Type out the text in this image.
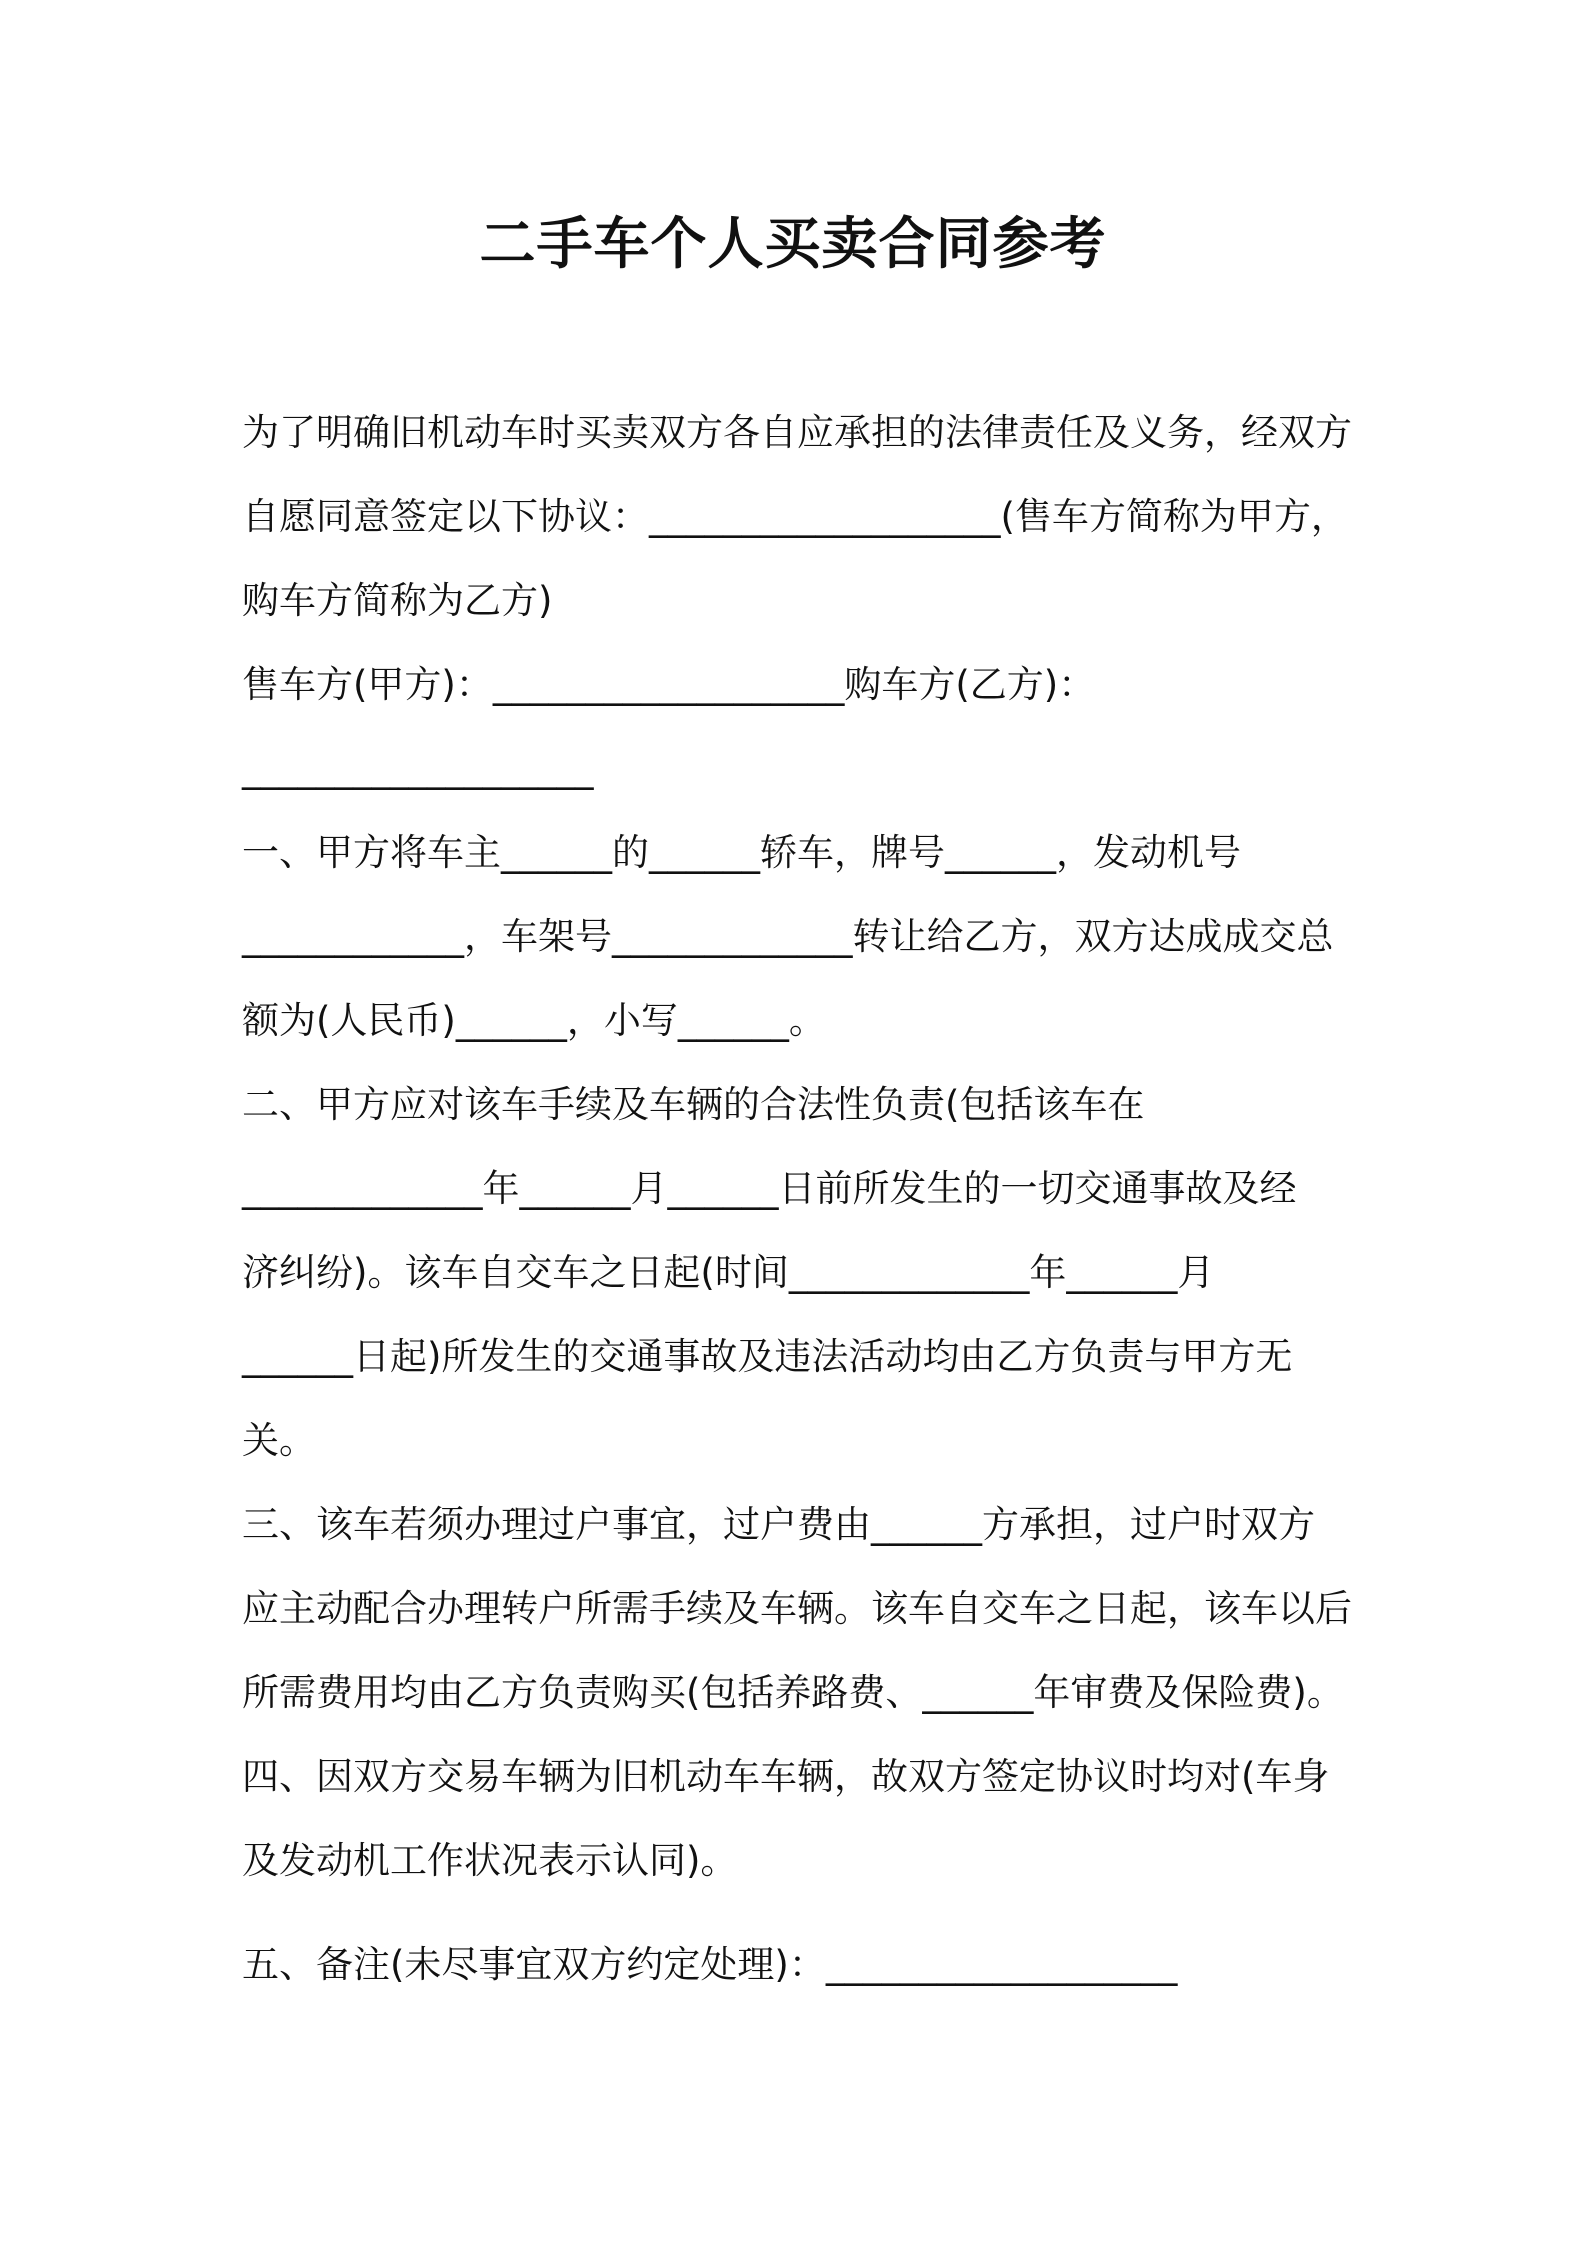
二手车个人买卖合同参考
为了明确旧机动车时买卖双方各自应承担的法律责任及义务，经双方
自愿同意签定以下协议：___________________(售车方简称为甲方，
购车方简称为乙方)
售车方(甲方)：___________________购车方(乙方)：
___________________
一、甲方将车主______的______轿车，牌号______，发动机号
____________，车架号_____________转让给乙方，双方达成成交总
额为(人民币)______，小写______。
二、甲方应对该车手续及车辆的合法性负责(包括该车在
_____________年______月______日前所发生的一切交通事故及经
济纠纷)。该车自交车之日起(时间_____________年______月
______日起)所发生的交通事故及违法活动均由乙方负责与甲方无
关。
三、该车若须办理过户事宜，过户费由______方承担，过户时双方
应主动配合办理转户所需手续及车辆。该车自交车之日起，该车以后
所需费用均由乙方负责购买(包括养路费、______年审费及保险费)。
四、因双方交易车辆为旧机动车车辆，故双方签定协议时均对(车身
及发动机工作状况表示认同)。
五、备注(未尽事宜双方约定处理)：___________________
